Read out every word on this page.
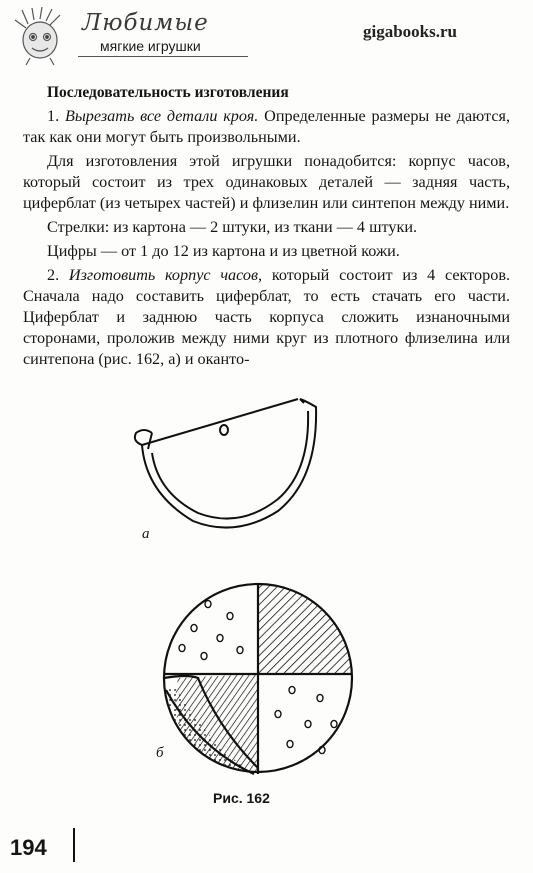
Любимые
мягкие игрушки
gigabooks.ru

Последовательность изготовления

1. Вырезать все детали кроя. Определенные размеры не даются, так как они могут быть произвольными.

Для изготовления этой игрушки понадобится: корпус часов, который состоит из трех одинаковых деталей — задняя часть, циферблат (из четырех частей) и флизелин или синтепон между ними.

Стрелки: из картона — 2 штуки, из ткани — 4 штуки.

Цифры — от 1 до 12 из картона и из цветной кожи.

2. Изготовить корпус часов, который состоит из 4 секторов. Сначала надо составить циферблат, то есть стачать его части. Циферблат и заднюю часть корпуса сложить изнаночными сторонами, проложив между ними круг из плотного флизелина или синтепона (рис. 162, а) и оканто-

а
б
Рис. 162
194
